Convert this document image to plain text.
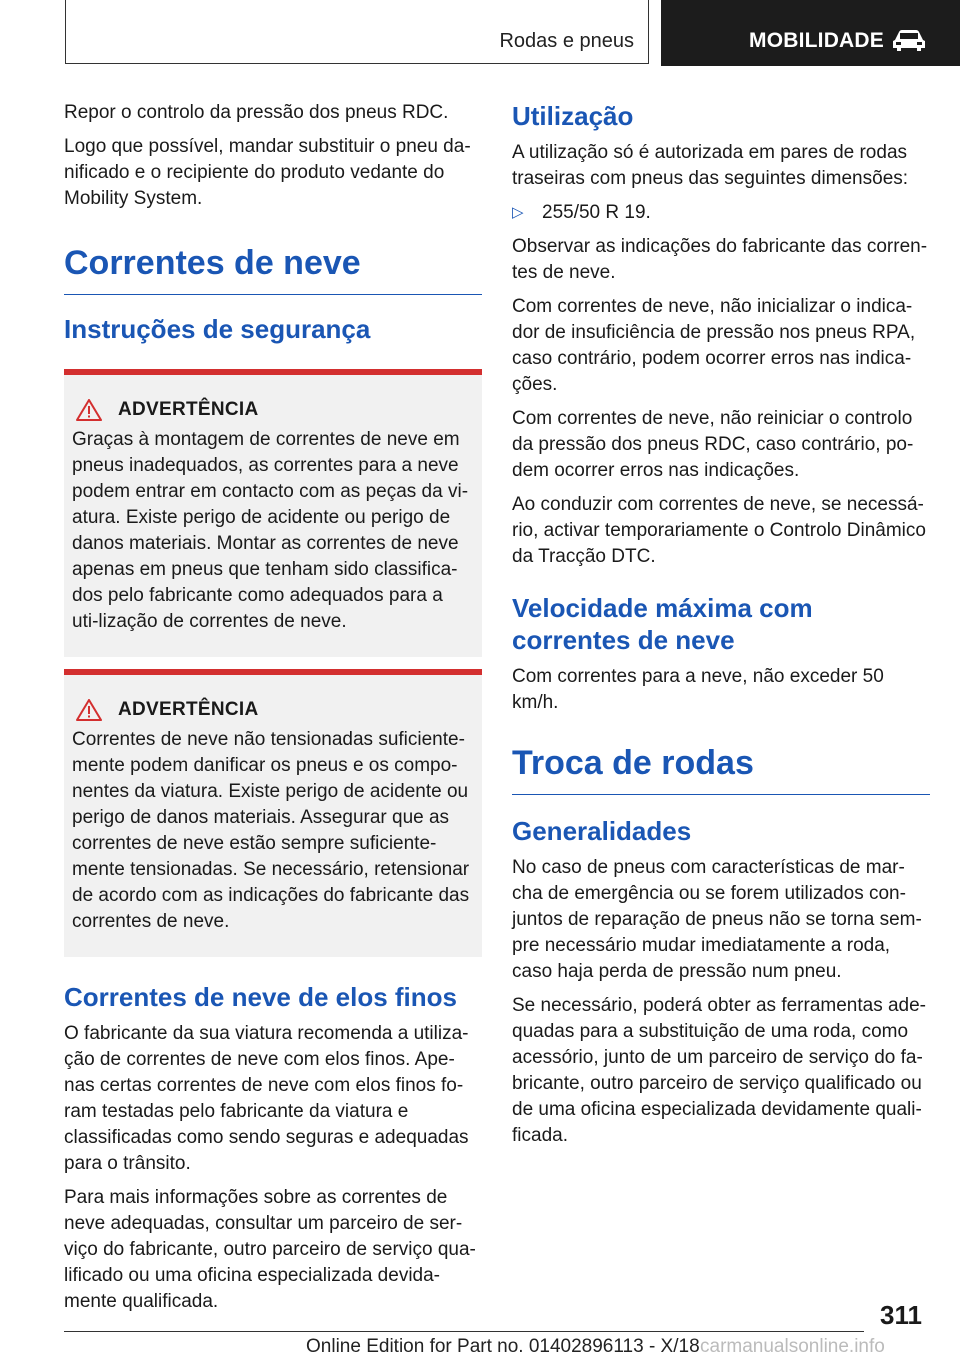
Rodas e pneus	MOBILIDADE

Repor o controlo da pressão dos pneus RDC.

Logo que possível, mandar substituir o pneu da-nificado e o recipiente do produto vedante do Mobility System.

Correntes de neve
Instruções de segurança
ADVERTÊNCIA

Graças à montagem de correntes de neve em pneus inadequados, as correntes para a neve podem entrar em contacto com as peças da vi-atura. Existe perigo de acidente ou perigo de danos materiais. Montar as correntes de neve apenas em pneus que tenham sido classifica-dos pelo fabricante como adequados para a uti-lização de correntes de neve.

ADVERTÊNCIA

Correntes de neve não tensionadas suficiente-mente podem danificar os pneus e os compo-nentes da viatura. Existe perigo de acidente ou perigo de danos materiais. Assegurar que as correntes de neve estão sempre suficiente-mente tensionadas. Se necessário, retensionar de acordo com as indicações do fabricante das correntes de neve.

Correntes de neve de elos finos

O fabricante da sua viatura recomenda a utiliza-ção de correntes de neve com elos finos. Ape-nas certas correntes de neve com elos finos fo-ram testadas pelo fabricante da viatura e classificadas como sendo seguras e adequadas para o trânsito.

Para mais informações sobre as correntes de neve adequadas, consultar um parceiro de ser-viço do fabricante, outro parceiro de serviço qua-lificado ou uma oficina especializada devida-mente qualificada.

Utilização

A utilização só é autorizada em pares de rodas traseiras com pneus das seguintes dimensões:

▷ 255/50 R 19.

Observar as indicações do fabricante das corren-tes de neve.

Com correntes de neve, não inicializar o indica-dor de insuficiência de pressão nos pneus RPA, caso contrário, podem ocorrer erros nas indica-ções.

Com correntes de neve, não reiniciar o controlo da pressão dos pneus RDC, caso contrário, po-dem ocorrer erros nas indicações.

Ao conduzir com correntes de neve, se necessá-rio, activar temporariamente o Controlo Dinâmico da Tracção DTC.

Velocidade máxima com correntes de neve

Com correntes para a neve, não exceder 50 km/h.

Troca de rodas
Generalidades

No caso de pneus com características de mar-cha de emergência ou se forem utilizados con-juntos de reparação de pneus não se torna sem-pre necessário mudar imediatamente a roda, caso haja perda de pressão num pneu.

Se necessário, poderá obter as ferramentas ade-quadas para a substituição de uma roda, como acessório, junto de um parceiro de serviço do fa-bricante, outro parceiro de serviço qualificado ou de uma oficina especializada devidamente quali-ficada.

311
Online Edition for Part no. 01402896113 - X/18 carmanualsonline.info
